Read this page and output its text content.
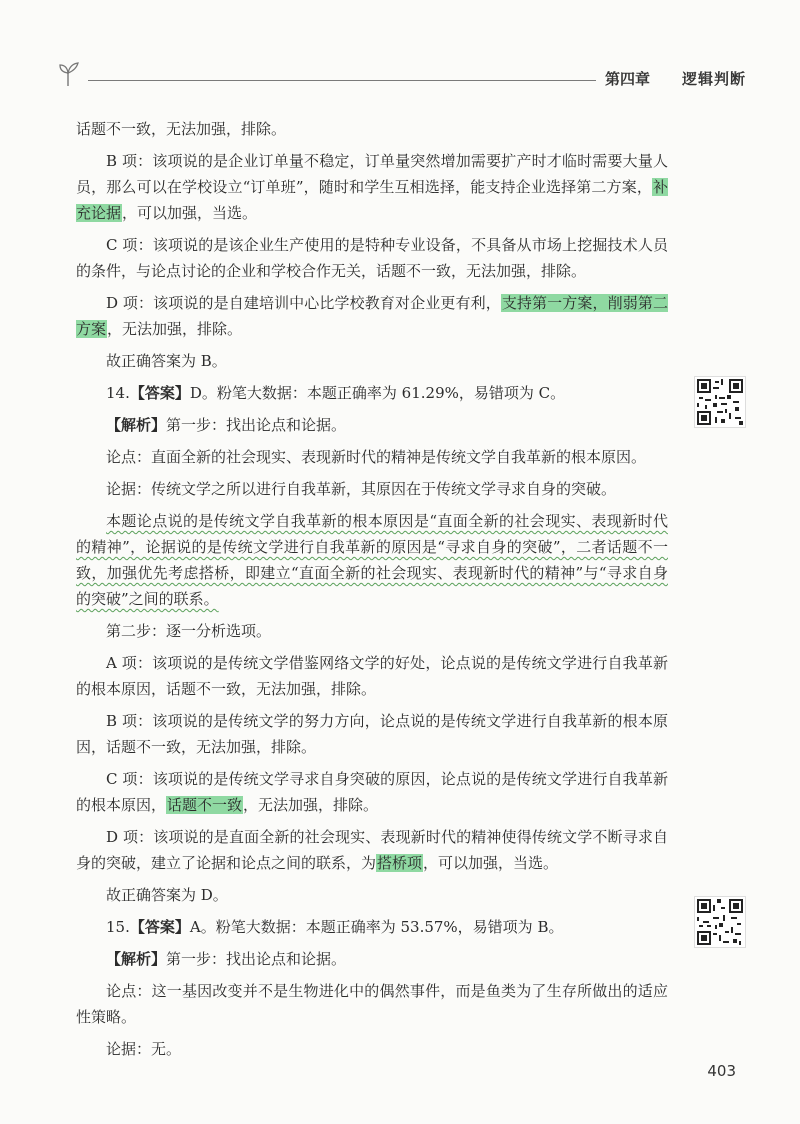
第四章 逻辑判断

话题不一致，无法加强，排除。

B 项：该项说的是企业订单量不稳定，订单量突然增加需要扩产时才临时需要大量人员，那么可以在学校设立“订单班”，随时和学生互相选择，能支持企业选择第二方案，补充论据，可以加强，当选。

C 项：该项说的是该企业生产使用的是特种专业设备，不具备从市场上挖掘技术人员的条件，与论点讨论的企业和学校合作无关，话题不一致，无法加强，排除。

D 项：该项说的是自建培训中心比学校教育对企业更有利，支持第一方案，削弱第二方案，无法加强，排除。

故正确答案为 B。

14.【答案】D。粉笔大数据：本题正确率为 61.29%，易错项为 C。

【解析】第一步：找出论点和论据。

论点：直面全新的社会现实、表现新时代的精神是传统文学自我革新的根本原因。

论据：传统文学之所以进行自我革新，其原因在于传统文学寻求自身的突破。

本题论点说的是传统文学自我革新的根本原因是“直面全新的社会现实、表现新时代的精神”，论据说的是传统文学进行自我革新的原因是“寻求自身的突破”，二者话题不一致，加强优先考虑搭桥，即建立“直面全新的社会现实、表现新时代的精神”与“寻求自身的突破”之间的联系。

第二步：逐一分析选项。

A 项：该项说的是传统文学借鉴网络文学的好处，论点说的是传统文学进行自我革新的根本原因，话题不一致，无法加强，排除。

B 项：该项说的是传统文学的努力方向，论点说的是传统文学进行自我革新的根本原因，话题不一致，无法加强，排除。

C 项：该项说的是传统文学寻求自身突破的原因，论点说的是传统文学进行自我革新的根本原因，话题不一致，无法加强，排除。

D 项：该项说的是直面全新的社会现实、表现新时代的精神使得传统文学不断寻求自身的突破，建立了论据和论点之间的联系，为搭桥项，可以加强，当选。

故正确答案为 D。

15.【答案】A。粉笔大数据：本题正确率为 53.57%，易错项为 B。

【解析】第一步：找出论点和论据。

论点：这一基因改变并不是生物进化中的偶然事件，而是鱼类为了生存所做出的适应性策略。

论据：无。

403
